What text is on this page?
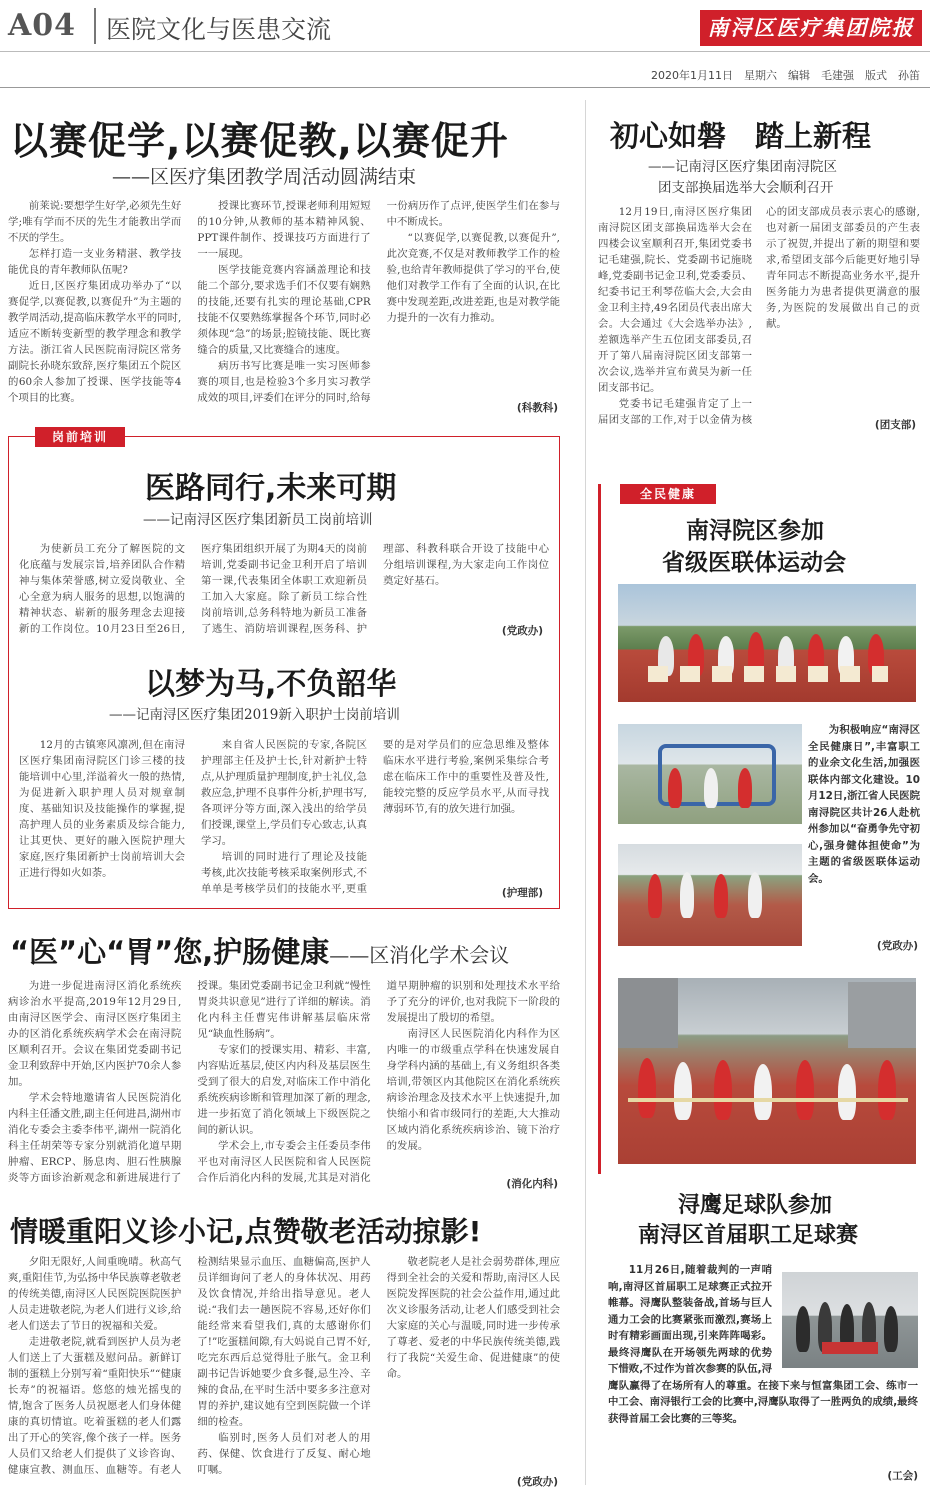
A04 医院文化与医患交流	南浔区医疗集团院报
2020年1月11日　星期六　编辑　毛建强　版式　孙笛
以赛促学,以赛促教,以赛促升

——区医疗集团教学周活动圆满结束

前莱说:要想学生好学,必须先生好学;唯有学而不厌的先生才能教出学而不厌的学生。

怎样打造一支业务精湛、教学技能优良的青年教师队伍呢?

近日,区医疗集团成功举办了“以赛促学,以赛促教,以赛促升”为主题的教学周活动,提高临床教学水平的同时,适应不断转变新型的教学理念和教学方法。浙江省人民医院南浔院区常务副院长孙晓东致辞,医疗集团五个院区的60余人参加了授课、医学技能等4个项目的比赛。

授课比赛环节,授课老师利用短短的10分钟,从教师的基本精神风貌、PPT课件制作、授课技巧方面进行了一一展现。

医学技能竞赛内容涵盖理论和技能二个部分,要求选手们不仅要有娴熟的技能,还要有扎实的理论基础,CPR技能不仅要熟练掌握各个环节,同时必须体现“急”的场景;腔镜技能、既比赛缝合的质量,又比赛缝合的速度。

病历书写比赛是唯一实习医师参赛的项目,也是检验3个多月实习教学成效的项目,评委们在评分的同时,给每一份病历作了点评,使医学生们在参与中不断成长。

“以赛促学,以赛促教,以赛促升”,此次竞赛,不仅是对教师教学工作的检验,也给青年教师提供了学习的平台,使他们对教学工作有了全面的认识,在比赛中发现差距,改进差距,也是对教学能力提升的一次有力推动。

(科教科)
初心如磐　踏上新程

——记南浔区医疗集团南浔院区

团支部换届选举大会顺利召开

12月19日,南浔区医疗集团南浔院区团支部换届选举大会在四楼会议室顺利召开,集团党委书记毛建强,院长、党委副书记施晓峰,党委副书记金卫利,党委委员、纪委书记王利琴莅临大会,大会由金卫利主持,49名团员代表出席大会。大会通过《大会选举办法》,差额选举产生五位团支部委员,召开了第八届南浔院区团支部第一次会议,选举并宣布黄昊为新一任团支部书记。

党委书记毛建强肯定了上一届团支部的工作,对于以金倩为核心的团支部成员表示衷心的感谢,也对新一届团支部委员的产生表示了祝贺,并提出了新的期望和要求,希望团支部今后能更好地引导青年同志不断提高业务水平,提升医务能力为患者提供更满意的服务,为医院的发展做出自己的贡献。

(团支部)
岗前培训
医路同行,未来可期

——记南浔区医疗集团新员工岗前培训

为使新员工充分了解医院的文化底蕴与发展宗旨,培养团队合作精神与集体荣誉感,树立爱岗敬业、全心全意为病人服务的思想,以饱满的精神状态、崭新的服务理念去迎接新的工作岗位。10月23日至26日,医疗集团组织开展了为期4天的岗前培训,党委副书记金卫利开启了培训第一课,代表集团全体职工欢迎新员工加入大家庭。除了新员工综合性岗前培训,总务科特地为新员工准备了逃生、消防培训课程,医务科、护理部、科教科联合开设了技能中心分组培训课程,为大家走向工作岗位奠定好基石。

(党政办)
以梦为马,不负韶华

——记南浔区医疗集团2019新入职护士岗前培训

12月的古镇寒风凛冽,但在南浔区医疗集团南浔院区门诊三楼的技能培训中心里,洋溢着火一般的热情,为促进新入职护理人员对规章制度、基础知识及技能操作的掌握,提高护理人员的业务素质及综合能力,让其更快、更好的融入医院护理大家庭,医疗集团新护士岗前培训大会正进行得如火如荼。

来自省人民医院的专家,各院区护理部主任及护士长,针对新护士特点,从护理质量护理制度,护士礼仪,急救应急,护理不良事件分析,护理书写,各项评分等方面,深入浅出的给学员们授课,课堂上,学员们专心致志,认真学习。

培训的同时进行了理论及技能考核,此次技能考核采取案例形式,不单单是考核学员们的技能水平,更重要的是对学员们的应急思维及整体临床水平进行考验,案例采集综合考虑在临床工作中的重要性及普及性,能较完整的反应学员水平,从而寻找薄弱环节,有的放矢进行加强。

(护理部)
“医”心“胃”您,护肠健康——区消化学术会议

为进一步促进南浔区消化系统疾病诊治水平提高,2019年12月29日,由南浔区医学会、南浔区医疗集团主办的区消化系统疾病学术会在南浔院区顺利召开。会议在集团党委副书记金卫利致辞中开始,区内医护70余人参加。

学术会特地邀请省人民医院消化内科主任潘文胜,副主任何进昌,湖州市消化专委会主委李伟平,湖州一院消化科主任胡荣等专家分别就消化道早期肿瘤、ERCP、肠息肉、胆石性胰腺炎等方面诊治新观念和新进展进行了授课。集团党委副书记金卫利就“慢性胃炎共识意见”进行了详细的解读。消化内科主任曹宪伟讲解基层临床常见“缺血性肠病”。

专家们的授课实用、精彩、丰富,内容贴近基层,使区内内科及基层医生受到了很大的启发,对临床工作中消化系统疾病诊断和管理加深了新的理念,进一步拓宽了消化领域上下级医院之间的新认识。

学术会上,市专委会主任委员李伟平也对南浔区人民医院和省人民医院合作后消化内科的发展,尤其是对消化道早期肿瘤的识别和处理技术水平给予了充分的评价,也对我院下一阶段的发展提出了殷切的希望。

南浔区人民医院消化内科作为区内唯一的市级重点学科在快速发展自身学科内涵的基础上,有义务组织各类培训,带领区内其他院区在消化系统疾病诊治理念及技术水平上快速提升,加快缩小和省市级同行的差距,大大推动区域内消化系统疾病诊治、镜下治疗的发展。

(消化内科)
情暖重阳义诊小记,点赞敬老活动掠影!

夕阳无限好,人间重晚晴。秋高气爽,重阳佳节,为弘扬中华民族尊老敬老的传统美德,南浔区人民医院医院医护人员走进敬老院,为老人们进行义诊,给老人们送去了节日的祝福和关爱。

走进敬老院,就看到医护人员为老人们送上了大蛋糕及慰问品。新鲜订制的蛋糕上分别写着“重阳快乐”“健康长寿”的祝福语。悠悠的烛光摇曳的情,饱含了医务人员祝愿老人们身体健康的真切情谊。吃着蛋糕的老人们露出了开心的笑容,像个孩子一样。医务人员们又给老人们提供了义诊咨询、健康宣教、测血压、血糖等。有老人检测结果显示血压、血糖偏高,医护人员详细询问了老人的身体状况、用药及饮食情况,并给出指导意见。老人说:“我们去一趟医院不容易,还好你们能经常来看望我们,真的太感谢你们了!”吃蛋糕间隙,有大妈说自己胃不好,吃完东西后总觉得肚子胀气。金卫利副书记告诉她要少食多餐,忌生冷、辛辣的食品,在平时生活中要多多注意对胃的养护,建议她有空到医院做一个详细的检查。

临别时,医务人员们对老人的用药、保健、饮食进行了反复、耐心地叮嘱。

敬老院老人是社会弱势群体,理应得到全社会的关爱和帮助,南浔区人民医院发挥医院的社会公益作用,通过此次义诊服务活动,让老人们感受到社会大家庭的关心与温暖,同时进一步传承了尊老、爱老的中华民族传统美德,践行了我院“关爱生命、促进健康”的使命。

(党政办)
全民健康
南浔院区参加
省级医联体运动会

为积极响应“南浔区全民健康日”,丰富职工的业余文化生活,加强医联体内部文化建设。10月12日,浙江省人民医院南浔院区共计26人赴杭州参加以“奋勇争先守初心,强身健体担使命”为主题的省级医联体运动会。

(党政办)
浔鹰足球队参加
南浔区首届职工足球赛

11月26日,随着裁判的一声哨响,南浔区首届职工足球赛正式拉开帷幕。浔鹰队整装备战,首场与巨人通力工会的比赛紧张而激烈,赛场上时有精彩画面出现,引来阵阵喝彩。最终浔鹰队在开场领先两球的优势下惜败,不过作为首次参赛的队伍,浔鹰队赢得了在场所有人的尊重。在接下来与恒富集团工会、练市一中工会、南浔银行工会的比赛中,浔鹰队取得了一胜两负的成绩,最终获得首届工会比赛的三等奖。

(工会)
